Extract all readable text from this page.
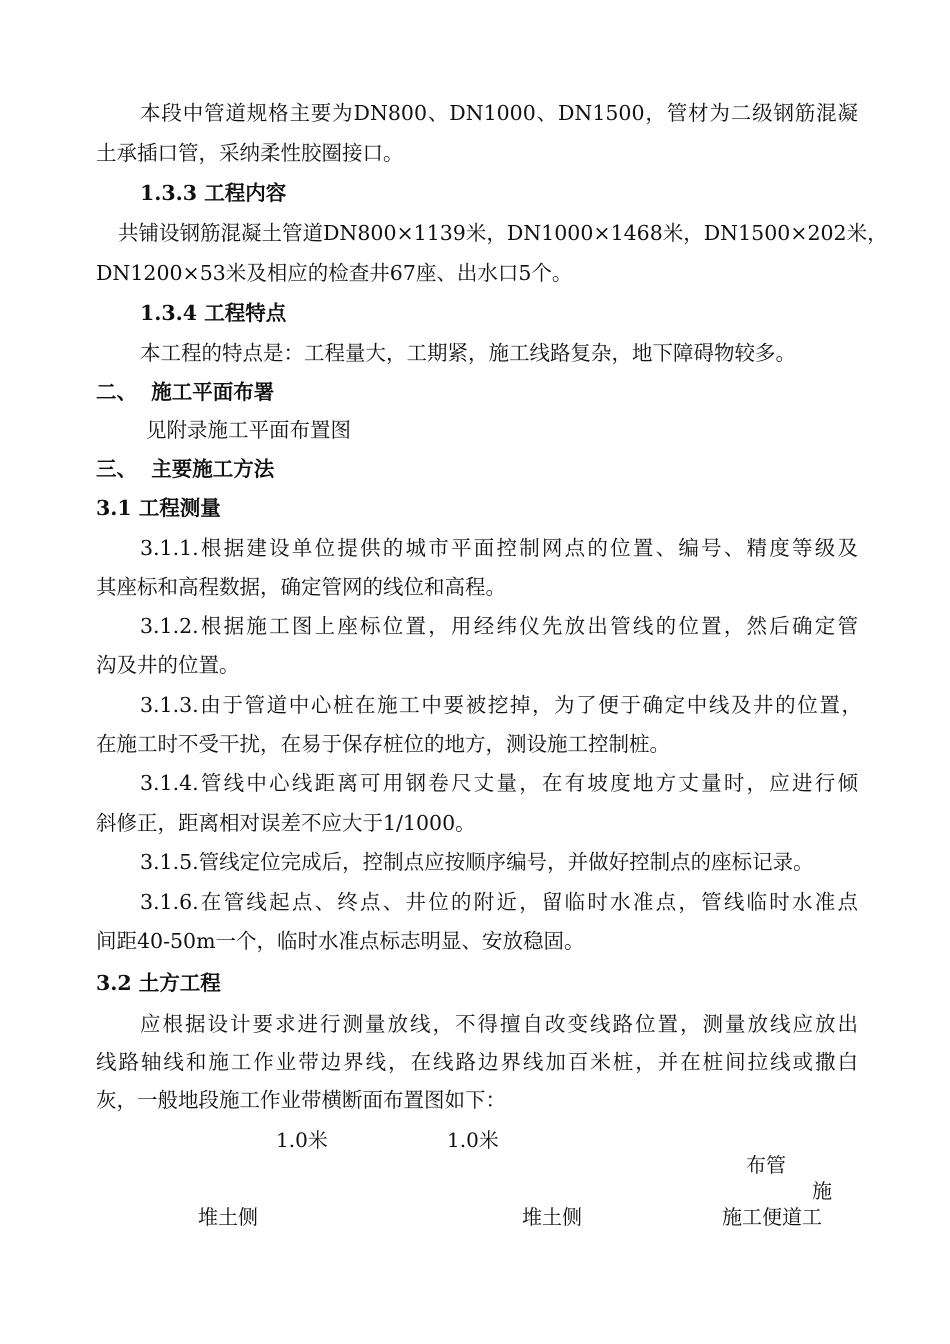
本段中管道规格主要为DN800、DN1000、DN1500，管材为二级钢筋混凝
土承插口管，采纳柔性胶圈接口。
1.3.3 工程内容
共铺设钢筋混凝土管道DN800×1139米，DN1000×1468米，DN1500×202米，
DN1200×53米及相应的检查井67座、出水口5个。
1.3.4 工程特点
本工程的特点是：工程量大，工期紧，施工线路复杂，地下障碍物较多。
二、  施工平面布署
见附录施工平面布置图
三、  主要施工方法
3.1 工程测量
3.1.1.根据建设单位提供的城市平面控制网点的位置、编号、精度等级及
其座标和高程数据，确定管网的线位和高程。
3.1.2.根据施工图上座标位置，用经纬仪先放出管线的位置，然后确定管
沟及井的位置。
3.1.3.由于管道中心桩在施工中要被挖掉，为了便于确定中线及井的位置，
在施工时不受干扰，在易于保存桩位的地方，测设施工控制桩。
3.1.4.管线中心线距离可用钢卷尺丈量，在有坡度地方丈量时，应进行倾
斜修正，距离相对误差不应大于1/1000。
3.1.5.管线定位完成后，控制点应按顺序编号，并做好控制点的座标记录。
3.1.6.在管线起点、终点、井位的附近，留临时水准点，管线临时水准点
间距40-50m一个，临时水准点标志明显、安放稳固。
3.2 土方工程
应根据设计要求进行测量放线，不得擅自改变线路位置，测量放线应放出
线路轴线和施工作业带边界线，在线路边界线加百米桩，并在桩间拉线或撒白
灰，一般地段施工作业带横断面布置图如下：
1.0米	1.0米
布管
施
堆土侧	堆土侧	施工便道工
